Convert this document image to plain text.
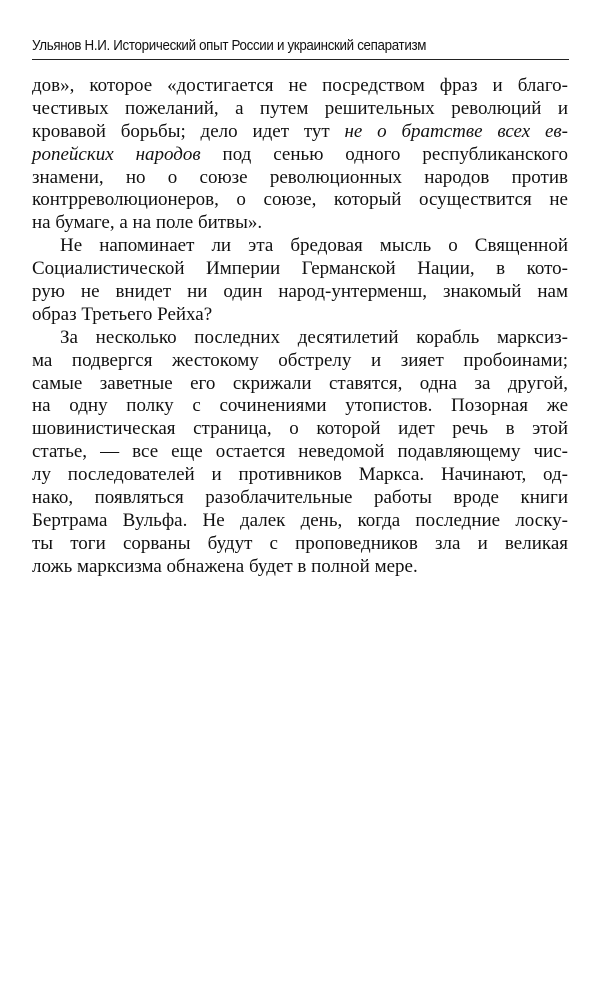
Ульянов Н.И. Исторический опыт России и украинский сепаратизм
дов», которое «достигается не посредством фраз и благо-
честивых пожеланий, а путем решительных революций и
кровавой борьбы; дело идет тут не о братстве всех ев-
ропейских народов под сенью одного республиканского
знамени, но о союзе революционных народов против
контрреволюционеров, о союзе, который осуществится не
на бумаге, а на поле битвы».
Не напоминает ли эта бредовая мысль о Священной
Социалистической Империи Германской Нации, в кото-
рую не внидет ни один народ-унтерменш, знакомый нам
образ Третьего Рейха?
За несколько последних десятилетий корабль марксиз-
ма подвергся жестокому обстрелу и зияет пробоинами;
самые заветные его скрижали ставятся, одна за другой,
на одну полку с сочинениями утопистов. Позорная же
шовинистическая страница, о которой идет речь в этой
статье, — все еще остается неведомой подавляющему чис-
лу последователей и противников Маркса. Начинают, од-
нако, появляться разоблачительные работы вроде книги
Бертрама Вульфа. Не далек день, когда последние лоску-
ты тоги сорваны будут с проповедников зла и великая
ложь марксизма обнажена будет в полной мере.
